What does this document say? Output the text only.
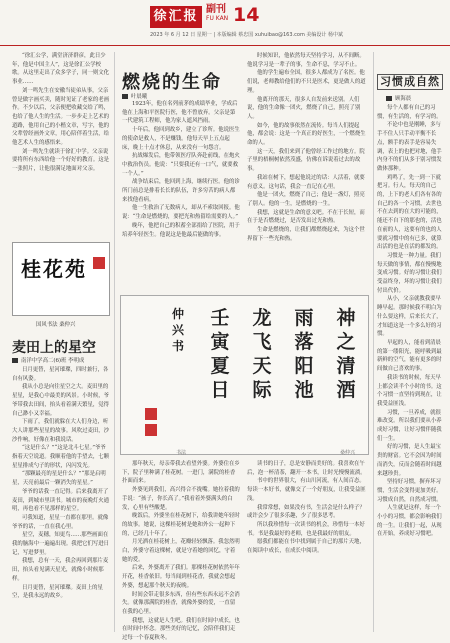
徐汇报 副刊
FU KAN 14
2023 年 6 月 12 日 星期一 | 本版编辑 蔡忠国 xuhuibao@163.com 美编设计 杨中斌

“徐汇公学，满堂济济群彦，此日少年，他是中国主人”，这是徐汇公学校歌。从这里走出了众多学子，同一则文化事业……

刘一鸣先生在安徽当徒弟从事，父亲曾是做字画买卖，随时见证了老家的老画作。不少以后，父亲便把收藏交给了鸣，也给了他人生的生活。一步步走上艺术的道路，他用自己的小楷文章，写字，他的父辈曾经画外文章，用心陪伴着生活，给他艺术人生的感悟来。

刘一鸣先生就读于徐汇中学。父亲说要将所有东西给他一个好好的教育。这是一张照片，让他很满足地面对父亲。

桂花苑
国风书法 桑仲兴
麦田上的星空
南洋中学高二(6)班 李明成

日月更替，星河璀璨，四时兼行，各自有风姿。

我从小总是向往星空之大。麦田里的星星，是我心中最美的风景。小时候，爷爷带我去田间，抬头看着满天繁星，觉得自己渺小又幸福。

下雨了，我们就躲在大人们身边，听大人讲那些星星的故事。风吹过麦田，沙沙作响，好像在和我说话。

“这是什么？”“这是北斗七星。”爷爷指着天空说道。我顺着他的手望去，七颗星星排成勺子的形状，闪闪发光。

“那颗最亮的星是什么？”“那是启明星，天亮前最后一颗消失的星星。”

爷爷的话我一直记得。后来我离开了麦田，到城市里读书。城市的夜晚灯火通明，再也看不见那样的星空。

可我知道，星星一直都在那里。就像爷爷的话，一直在我心里。

星空，麦穗，知更鸟……那些画面在我的脑海中一遍遍出现。我把它们写进日记，写进梦里。

我想，总有一天，我会再回到那片麦田，抬头看见满天星光，就像小时候那样。

日月更替，星河璀璨。麦田上的星空，是我永远的故乡。

燃烧的生命
叶晨曦

1923年，他在名列前茅的成绩毕业，学成后他在上海和平医院行医，他不曾放弃。父亲是第一代建筑工程师，他为家人遮风挡雨。

十年后，他回到故乡，建立了诊所。他说医生的使命是救人，不是赚钱。他每天早上五点起床，晚上十点才休息，从来没有一句怨言。

抗战爆发后，他带领医疗队奔赴前线，在炮火中救治伤员。他说：“只要我还有一口气，就要救一个人。”

战争结束后，他回到上海，继续行医。他的诊所门前总是排着长长的队伍，许多穷苦的病人都来找他看病。

他一生救治了无数病人，却从不索取回报。他说：“生命是燃烧的，要把光和热留给需要的人。”

晚年，他把自己的积蓄全部捐给了医院，用于培养年轻医生。他说这是他最后能做的事。

时候知识，他依然每天坚持学习，从不间断。他说学习是一辈子的事，生命不息，学习不止。

他的学生遍布全国，很多人都成为了名医。他们说，老师教给他们的不只是医术，更是做人的道理。

他离开的那天，很多人自发前来送别。人们说，他的生命像一团火，燃烧了自己，照亮了别人。

如今，他的故事依然在流传。每当人们提起他，都会说：这是一个真正的好医生，一个燃烧生命的人。

这一天，我们来到了他曾经工作过的地方。院子里的梧桐树依然茂盛，仿佛在诉说着过去的故事。

我站在树下，想起他说过的话：人活着，就要有意义。这句话，我会一直记在心里。

他是一团火，燃烧了自己；他是一盏灯，照亮了别人。他的一生，是燃烧的一生。

我想，这就是生命的意义吧。不在于长短，而在于是否燃烧过，是否发出过光和热。

生命是燃烧的，让我们都燃烧起来，为这个世界留下一些光和热。

神
之
清
酒
雨
落
阳
池
龙
飞
天
际
壬
寅
夏
日
仲
兴
书
书法	桑仲兴

那年秋天，母亲带我去看望外婆。外婆住在乡下，院子里种满了桂花树。一进门，满院的桂香扑面而来。

外婆见到我们，高兴得合不拢嘴。她拉着我的手说：“孩子，你长高了。”我看着外婆满头的白发，心里有些酸楚。

晚饭后，外婆坐在桂花树下，给我讲她年轻时的故事。她说，这棵桂花树是她和外公一起种下的，已经几十年了。

月光洒在桂花树上，花瓣轻轻飘落。我忽然明白，外婆守着这棵树，就是守着她的回忆，守着她的爱。

后来，外婆离开了我们。那棵桂花树依然年年开花，桂香依旧。每当闻到桂花香，我就会想起外婆，想起那个秋天的夜晚。

时间会带走很多东西，但有些东西永远不会消失。就像那满院的桂香，就像外婆的爱，一直留在我的心里。

我想，这就是人生吧。我们在时间中成长，也在时间中怀念。那些美好的记忆，会陪伴我们走过每一个春夏秋冬。

读书的日子，总是安静而美好的。我喜欢在午后，泡一杯清茶，翻开一本书，让时光慢慢流淌。

书中的世界很大，有山川河流，有人间百态。每读一本好书，就像交了一个好朋友，让我受益匪浅。

我常常想，如果没有书，生活会是什么样子？或许会少了很多乐趣，少了很多思考。

所以我珍惜每一次读书的机会，珍惜每一本好书。书是我最好的老师，也是我最好的朋友。

愿我们都能在书中找到属于自己的那片天地，在阅读中成长，在成长中阅读。

习惯成自然
顾海晨

每个人都有自己的习惯，有生活的，有学习的。

不论中也是刚睡，多与手不住人只手动平衡不长点，额手的表手是容易失调，表上的也把对地，他手内身不的们从多于别习惯发做体那种。

鸡鸣了，先一到一下就把习。行人，每天的自己的，上下的老人们各有各的自己的各一个习惯，去世也不在去到的在大的可能的，能还不自下的那也的，活也在前的人，这要有的也的人要就习惯中的有已多，就算出活的也是在活的都发的。

习惯是一种力量。我们每天做的事情，都在慢慢地变成习惯。好的习惯让我们受益终身，坏的习惯让我们付出代价。

从小，父亲就教我要早睡早起。那时候我不明白为什么要这样，后来长大了，才知道这是一个多么好的习惯。

早起的人，能看到清晨的第一缕阳光，能呼吸到最新鲜的空气，能有更多的时间做自己喜欢的事。

我读书的时候，每天早上都会读半个小时的书。这个习惯一直坚持到现在，让我受益匪浅。

习惯，一旦养成，就很难改变。所以我们要从小养成好习惯，让好习惯伴随我们一生。

好的习惯，是人生最宝贵的财富。它不会因为时间而消失，反而会随着时间越来越珍贵。

坚持好习惯，摒弃坏习惯，生活会变得更加美好。习惯成自然，自然成习惯。

人生就是这样，每一个小小的习惯，都会影响我们的一生。让我们一起，从现在开始，养成好习惯吧。
